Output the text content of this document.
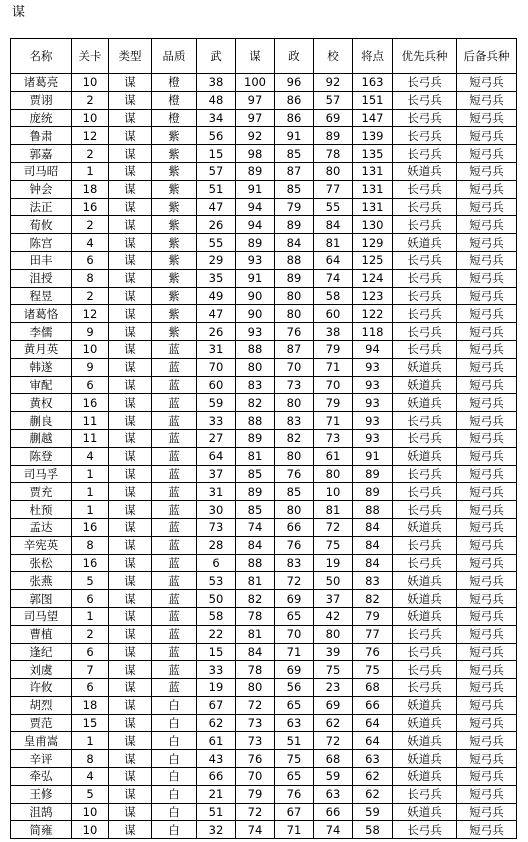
谋
名称	关卡	类型	品质	武	谋	政	校	将点	优先兵种	后备兵种
诸葛亮	10	谋	橙	38	100	96	92	163	长弓兵	短弓兵
贾诩	2	谋	橙	48	97	86	57	151	长弓兵	短弓兵
庞统	10	谋	橙	34	97	86	69	147	长弓兵	短弓兵
鲁肃	12	谋	紫	56	92	91	89	139	长弓兵	短弓兵
郭嘉	2	谋	紫	15	98	85	78	135	长弓兵	短弓兵
司马昭	1	谋	紫	57	89	87	80	131	妖道兵	短弓兵
钟会	18	谋	紫	51	91	85	77	131	长弓兵	短弓兵
法正	16	谋	紫	47	94	79	55	131	长弓兵	短弓兵
荀攸	2	谋	紫	26	94	89	84	130	长弓兵	短弓兵
陈宫	4	谋	紫	55	89	84	81	129	妖道兵	短弓兵
田丰	6	谋	紫	29	93	88	64	125	长弓兵	短弓兵
沮授	8	谋	紫	35	91	89	74	124	长弓兵	短弓兵
程昱	2	谋	紫	49	90	80	58	123	长弓兵	短弓兵
诸葛恪	12	谋	紫	47	90	80	60	122	长弓兵	短弓兵
李儒	9	谋	紫	26	93	76	38	118	长弓兵	短弓兵
黄月英	10	谋	蓝	31	88	87	79	94	长弓兵	短弓兵
韩遂	9	谋	蓝	70	80	70	71	93	妖道兵	短弓兵
审配	6	谋	蓝	60	83	73	70	93	妖道兵	短弓兵
黄权	16	谋	蓝	59	82	80	79	93	妖道兵	短弓兵
蒯良	11	谋	蓝	33	88	83	71	93	长弓兵	短弓兵
蒯越	11	谋	蓝	27	89	82	73	93	长弓兵	短弓兵
陈登	4	谋	蓝	64	81	80	61	91	妖道兵	短弓兵
司马孚	1	谋	蓝	37	85	76	80	89	长弓兵	短弓兵
贾充	1	谋	蓝	31	89	85	10	89	长弓兵	短弓兵
杜预	1	谋	蓝	30	85	80	81	88	长弓兵	短弓兵
孟达	16	谋	蓝	73	74	66	72	84	妖道兵	短弓兵
辛宪英	8	谋	蓝	28	84	76	75	84	长弓兵	短弓兵
张松	16	谋	蓝	6	88	83	19	84	长弓兵	短弓兵
张燕	5	谋	蓝	53	81	72	50	83	妖道兵	短弓兵
郭图	6	谋	蓝	50	82	69	37	82	妖道兵	短弓兵
司马望	1	谋	蓝	58	78	65	42	79	妖道兵	短弓兵
曹植	2	谋	蓝	22	81	70	80	77	长弓兵	短弓兵
逢纪	6	谋	蓝	15	84	71	39	76	长弓兵	短弓兵
刘虞	7	谋	蓝	33	78	69	75	75	长弓兵	短弓兵
许攸	6	谋	蓝	19	80	56	23	68	长弓兵	短弓兵
胡烈	18	谋	白	67	72	65	69	66	妖道兵	短弓兵
贾范	15	谋	白	62	73	63	62	64	妖道兵	短弓兵
皇甫嵩	1	谋	白	61	73	51	72	64	妖道兵	短弓兵
辛评	8	谋	白	43	76	75	68	63	妖道兵	短弓兵
牵弘	4	谋	白	66	70	65	59	62	妖道兵	短弓兵
王修	5	谋	白	21	79	76	63	62	长弓兵	短弓兵
沮鹄	10	谋	白	51	72	67	66	59	妖道兵	短弓兵
简雍	10	谋	白	32	74	71	74	58	长弓兵	短弓兵
